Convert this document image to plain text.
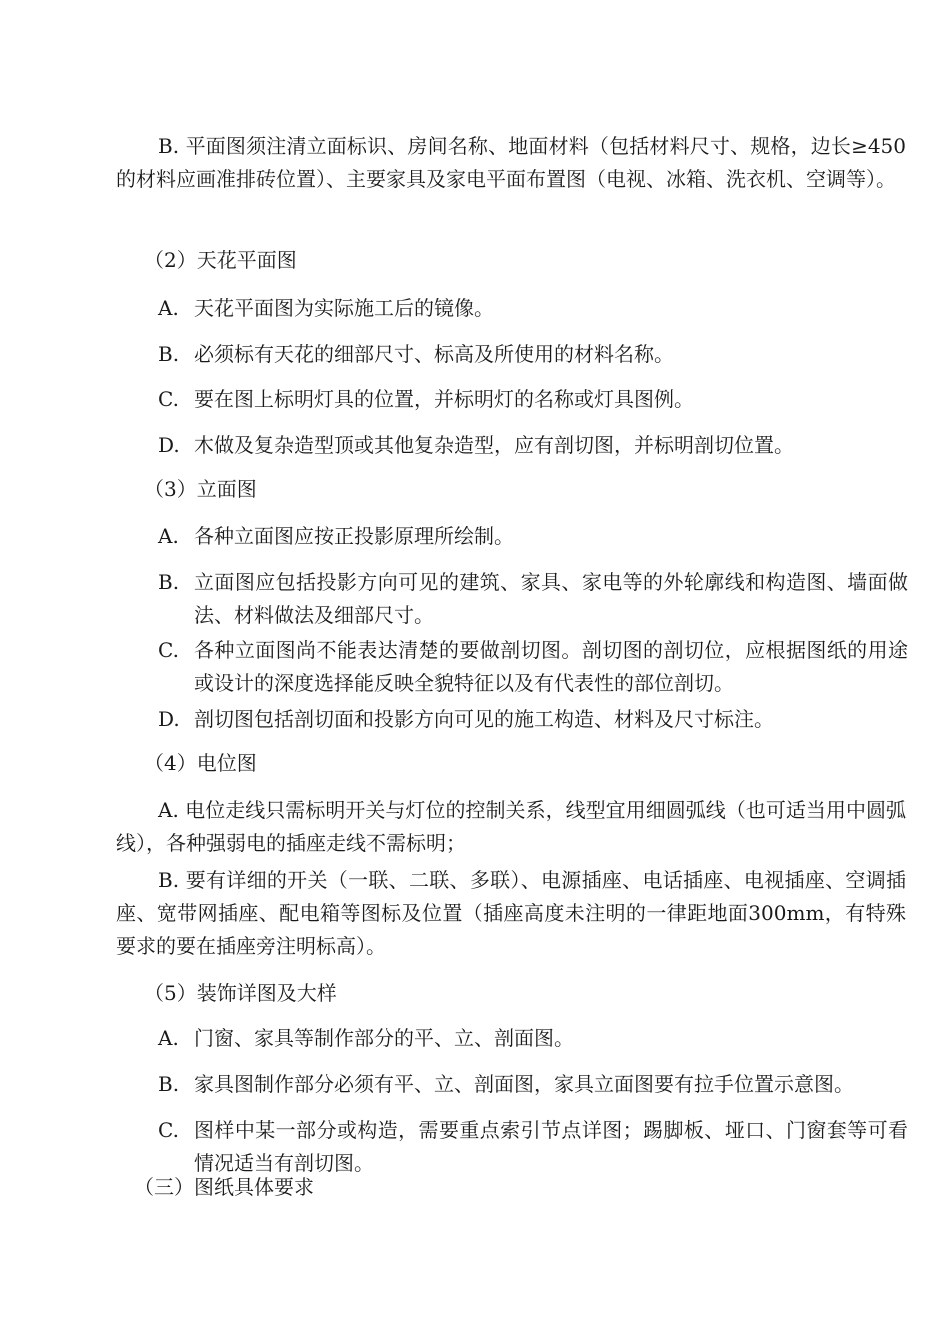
B. 平面图须注清立面标识、房间名称、地面材料（包括材料尺寸、规格，边长≥450的材料应画准排砖位置）、主要家具及家电平面布置图（电视、冰箱、洗衣机、空调等）。
（2）天花平面图
A. 天花平面图为实际施工后的镜像。
B. 必须标有天花的细部尺寸、标高及所使用的材料名称。
C. 要在图上标明灯具的位置，并标明灯的名称或灯具图例。
D. 木做及复杂造型顶或其他复杂造型，应有剖切图，并标明剖切位置。
（3）立面图
A. 各种立面图应按正投影原理所绘制。
B. 立面图应包括投影方向可见的建筑、家具、家电等的外轮廓线和构造图、墙面做法、材料做法及细部尺寸。
C. 各种立面图尚不能表达清楚的要做剖切图。剖切图的剖切位，应根据图纸的用途或设计的深度选择能反映全貌特征以及有代表性的部位剖切。
D. 剖切图包括剖切面和投影方向可见的施工构造、材料及尺寸标注。
（4）电位图
A. 电位走线只需标明开关与灯位的控制关系，线型宜用细圆弧线（也可适当用中圆弧线），各种强弱电的插座走线不需标明；
B. 要有详细的开关（一联、二联、多联）、电源插座、电话插座、电视插座、空调插座、宽带网插座、配电箱等图标及位置（插座高度未注明的一律距地面300mm，有特殊要求的要在插座旁注明标高）。
（5）装饰详图及大样
A. 门窗、家具等制作部分的平、立、剖面图。
B. 家具图制作部分必须有平、立、剖面图，家具立面图要有拉手位置示意图。
C. 图样中某一部分或构造，需要重点索引节点详图；踢脚板、垭口、门窗套等可看情况适当有剖切图。
（三）图纸具体要求
